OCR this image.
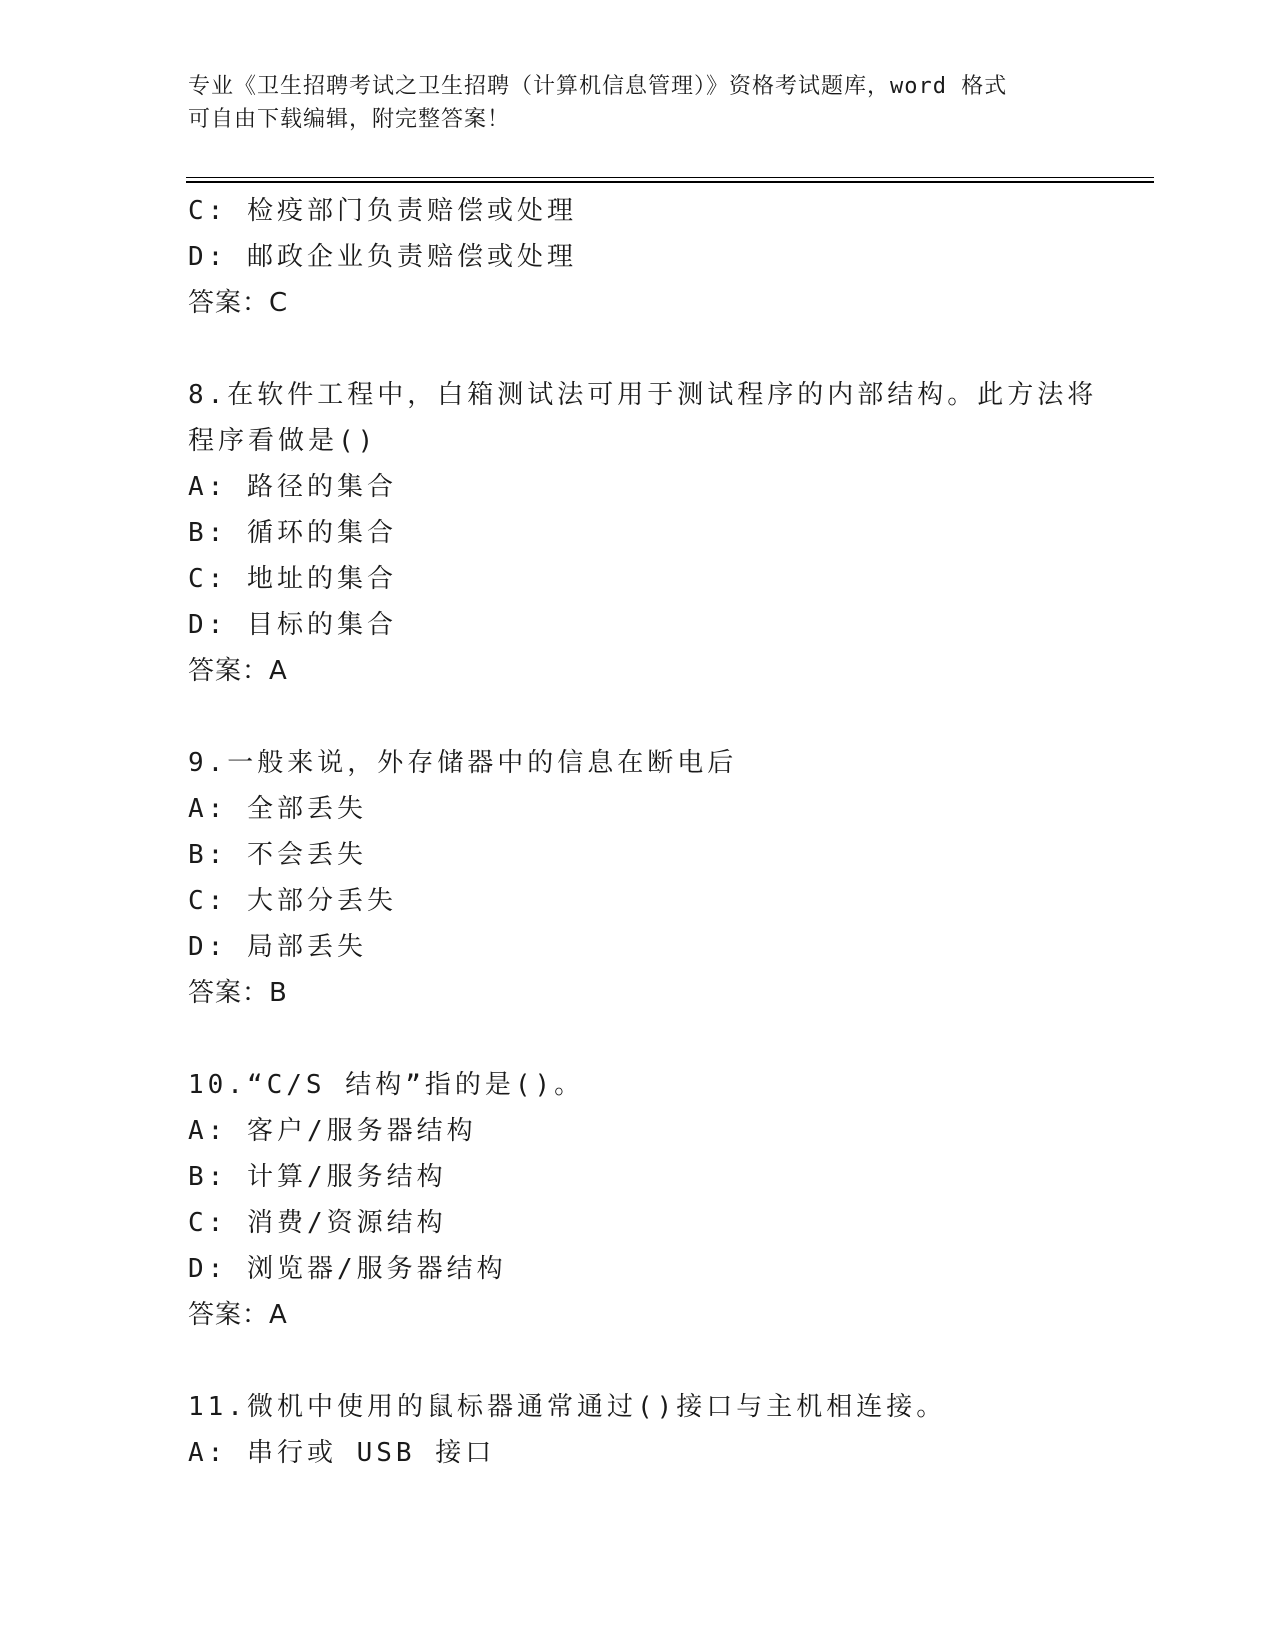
专业《卫生招聘考试之卫生招聘（计算机信息管理）》资格考试题库，word 格式
可自由下载编辑，附完整答案！
C: 检疫部门负责赔偿或处理
D: 邮政企业负责赔偿或处理
答案：C
8.在软件工程中，白箱测试法可用于测试程序的内部结构。此方法将
程序看做是()
A: 路径的集合
B: 循环的集合
C: 地址的集合
D: 目标的集合
答案：A
9.一般来说，外存储器中的信息在断电后
A: 全部丢失
B: 不会丢失
C: 大部分丢失
D: 局部丢失
答案：B
10.“C/S 结构”指的是()。
A: 客户/服务器结构
B: 计算/服务结构
C: 消费/资源结构
D: 浏览器/服务器结构
答案：A
11.微机中使用的鼠标器通常通过()接口与主机相连接。
A: 串行或 USB 接口
